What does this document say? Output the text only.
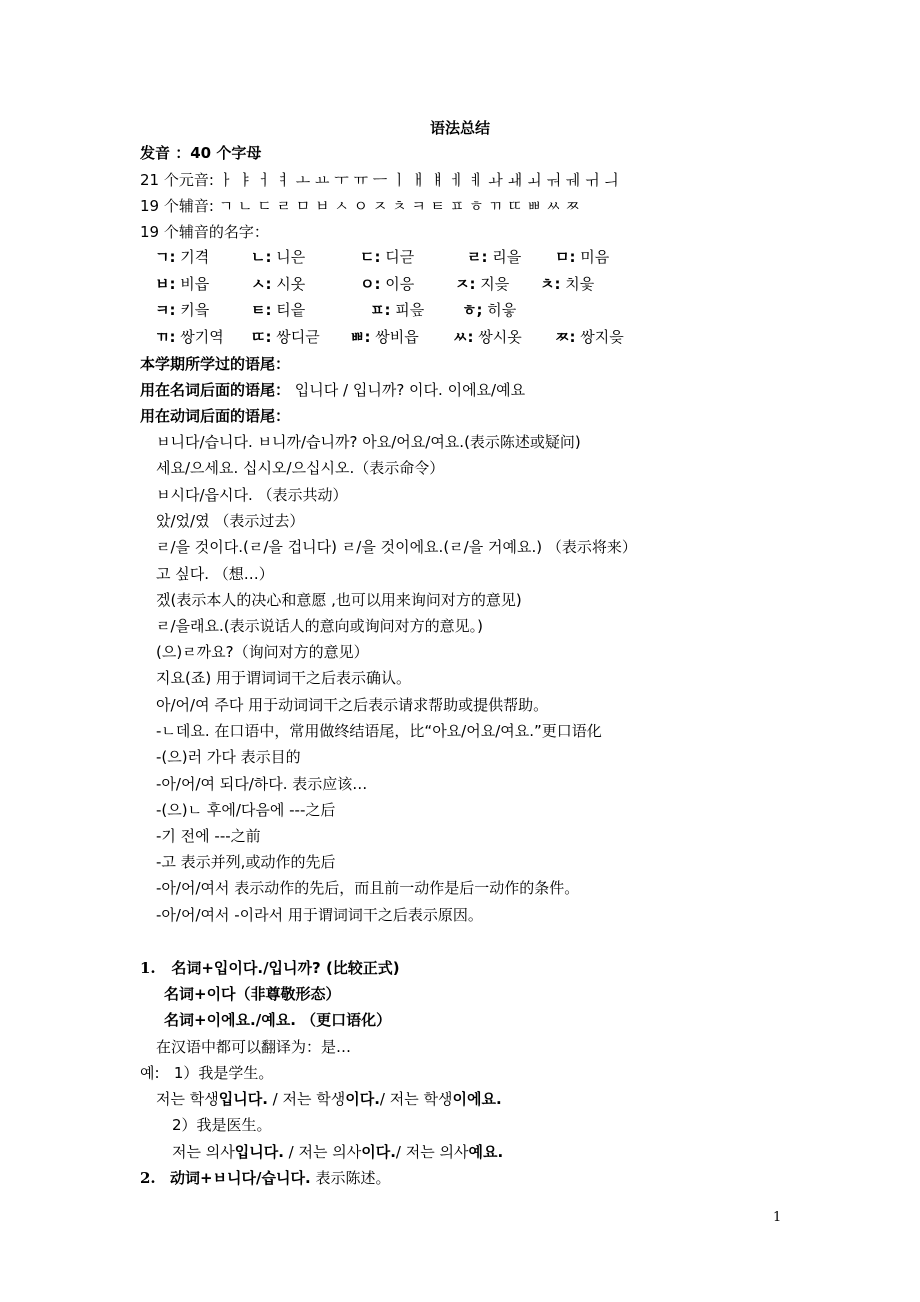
语法总结
发音 ：40 个字母
21 个元音: ㅏ ㅑ ㅓ ㅕ ㅗ ㅛ ㅜ ㅠ ㅡ ㅣ ㅐ ㅒ ㅔ ㅖ ㅘ ㅙ ㅚ ㅝ ㅞ ㅟ ㅢ
19 个辅音: ㄱ ㄴ ㄷ ㄹ ㅁ ㅂ ㅅ ㅇ ㅈ ㅊ ㅋ ㅌ ㅍ ㅎ ㄲ ㄸ ㅃ ㅆ ㅉ
19 个辅音的名字：
ㄱ: 기격	ㄴ: 니은	ㄷ: 디귿	ㄹ: 리을 ㅁ: 미음
ㅂ: 비읍	ㅅ: 시옷	ㅇ: 이응	ㅈ: 지읒 ㅊ: 치읓
ㅋ: 키읔	ㅌ: 티읕	ㅍ: 피읖	ㅎ; 히읗
ㄲ: 쌍기역 ㄸ: 쌍디귿 ㅃ: 쌍비읍 ㅆ: 쌍시옷 ㅉ: 쌍지읒
本学期所学过的语尾：
用在名词后面的语尾： 입니다 / 입니까? 이다. 이에요/예요
用在动词后面的语尾：
ㅂ니다/습니다. ㅂ니까/습니까? 아요/어요/여요.(表示陈述或疑问)
세요/으세요. 십시오/으십시오.（表示命令）
ㅂ시다/읍시다. （表示共动）
았/었/였 （表示过去）
ㄹ/을 것이다.(ㄹ/을 겁니다) ㄹ/을 것이에요.(ㄹ/을 거예요.) （表示将来）
고 싶다. （想…）
겠(表示本人的决心和意愿 ,也可以用来询问对方的意见)
ㄹ/을래요.(表示说话人的意向或询问对方的意见。)
(으)ㄹ까요?（询问对方的意见）
지요(죠) 用于谓词词干之后表示确认。
아/어/여 주다 用于动词词干之后表示请求帮助或提供帮助。
-ㄴ데요. 在口语中，常用做终结语尾，比“아요/어요/여요.”更口语化
-(으)러 가다 表示目的
-아/어/여 되다/하다. 表示应该…
-(으)ㄴ 후에/다음에 ---之后
-기 전에 ---之前
-고 表示并列,或动作的先后
-아/어/여서 表示动作的先后，而且前一动作是后一动作的条件。
-아/어/여서 -이라서 用于谓词词干之后表示原因。
1. 名词+입이다./입니까? (比较正式)
名词+이다（非尊敬形态）
名词+이에요./예요. （更口语化）
在汉语中都可以翻译为：是…
예: 1）我是学生。
저는 학생입니다. / 저는 학생이다./ 저는 학생이에요.
2）我是医生。
저는 의사입니다. / 저는 의사이다./ 저는 의사예요.
2. 动词+ㅂ니다/습니다. 表示陈述。
1
